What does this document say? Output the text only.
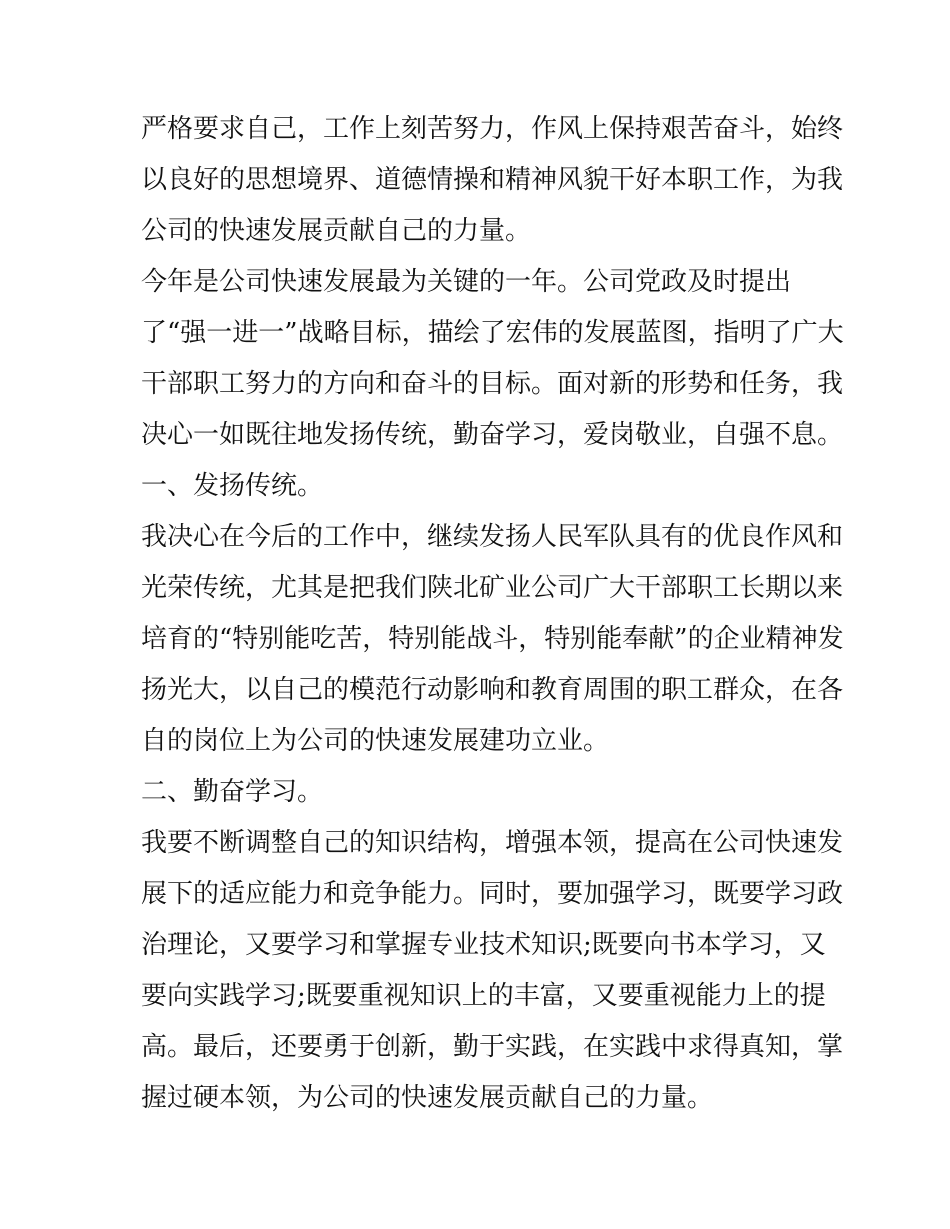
严格要求自己，工作上刻苦努力，作风上保持艰苦奋斗，始终
以良好的思想境界、道德情操和精神风貌干好本职工作，为我
公司的快速发展贡献自己的力量。
今年是公司快速发展最为关键的一年。公司党政及时提出
了“强一进一”战略目标，描绘了宏伟的发展蓝图，指明了广大
干部职工努力的方向和奋斗的目标。面对新的形势和任务，我
决心一如既往地发扬传统，勤奋学习，爱岗敬业，自强不息。
一、发扬传统。
我决心在今后的工作中，继续发扬人民军队具有的优良作风和
光荣传统，尤其是把我们陕北矿业公司广大干部职工长期以来
培育的“特别能吃苦，特别能战斗，特别能奉献”的企业精神发
扬光大，以自己的模范行动影响和教育周围的职工群众，在各
自的岗位上为公司的快速发展建功立业。
二、勤奋学习。
我要不断调整自己的知识结构，增强本领，提高在公司快速发
展下的适应能力和竞争能力。同时，要加强学习，既要学习政
治理论，又要学习和掌握专业技术知识;既要向书本学习，又
要向实践学习;既要重视知识上的丰富，又要重视能力上的提
高。最后，还要勇于创新，勤于实践，在实践中求得真知，掌
握过硬本领，为公司的快速发展贡献自己的力量。
